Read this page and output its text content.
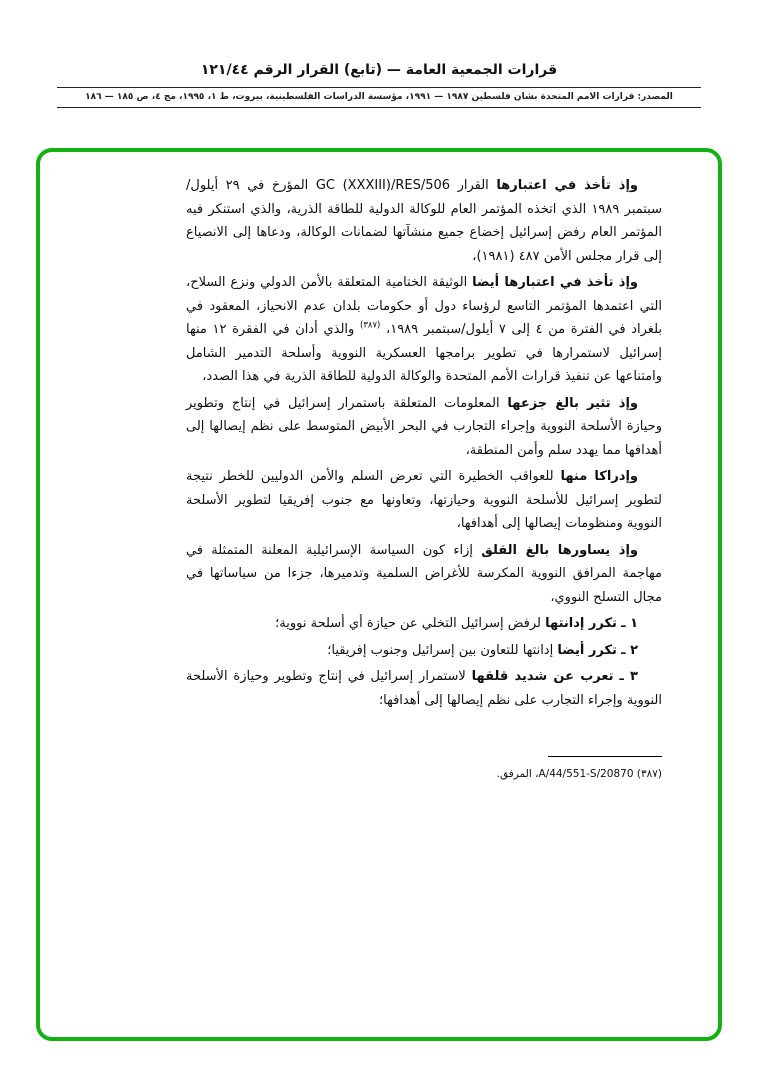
قرارات الجمعية العامة — (تابع) القرار الرقم ١٢١/٤٤

المصدر: قرارات الأمم المتحدة بشأن فلسطين ١٩٨٧ — ١٩٩١، مؤسسة الدراسات الفلسطينية، بيروت، ط ١، ١٩٩٥، مج ٤، ص ١٨٥ — ١٨٦

وإذ تأخذ في اعتبارها القرار GC (XXXIII)/RES/506 المؤرخ في ٢٩ أيلول/سبتمبر ١٩٨٩ الذي اتخذه المؤتمر العام للوكالة الدولية للطاقة الذرية، والذي استنكر فيه المؤتمر العام رفض إسرائيل إخضاع جميع منشآتها لضمانات الوكالة، ودعاها إلى الانصياع إلى قرار مجلس الأمن ٤٨٧ (١٩٨١)،

وإذ تأخذ في اعتبارها أيضا الوثيقة الختامية المتعلقة بالأمن الدولي ونزع السلاح، التي اعتمدها المؤتمر التاسع لرؤساء دول أو حكومات بلدان عدم الانحياز، المعقود في بلغراد في الفترة من ٤ إلى ٧ أيلول/سبتمبر ١٩٨٩، $^{(٣٨٧)}$ والذي أدان في الفقرة ١٢ منها إسرائيل لاستمرارها في تطوير برامجها العسكرية النووية وأسلحة التدمير الشامل وامتناعها عن تنفيذ قرارات الأمم المتحدة والوكالة الدولية للطاقة الذرية في هذا الصدد،

وإذ تثير بالغ جزعها المعلومات المتعلقة باستمرار إسرائيل في إنتاج وتطوير وحيازة الأسلحة النووية وإجراء التجارب في البحر الأبيض المتوسط على نظم إيصالها إلى أهدافها مما يهدد سلم وأمن المنطقة،

وإدراكا منها للعواقب الخطيرة التي تعرض السلم والأمن الدوليين للخطر نتيجة لتطوير إسرائيل للأسلحة النووية وحيازتها، وتعاونها مع جنوب إفريقيا لتطوير الأسلحة النووية ومنظومات إيصالها إلى أهدافها،

وإذ يساورها بالغ القلق إزاء كون السياسة الإسرائيلية المعلنة المتمثلة في مهاجمة المرافق النووية المكرسة للأغراض السلمية وتدميرها، جزءا من سياساتها في مجال التسلح النووي،

١ ـ تكرر إدانتها لرفض إسرائيل التخلي عن حيازة أي أسلحة نووية؛

٢ ـ تكرر أيضا إدانتها للتعاون بين إسرائيل وجنوب إفريقيا؛

٣ ـ تعرب عن شديد قلقها لاستمرار إسرائيل في إنتاج وتطوير وحيازة الأسلحة النووية وإجراء التجارب على نظم إيصالها إلى أهدافها؛

(٣٨٧) A/44/551-S/20870، المرفق.
